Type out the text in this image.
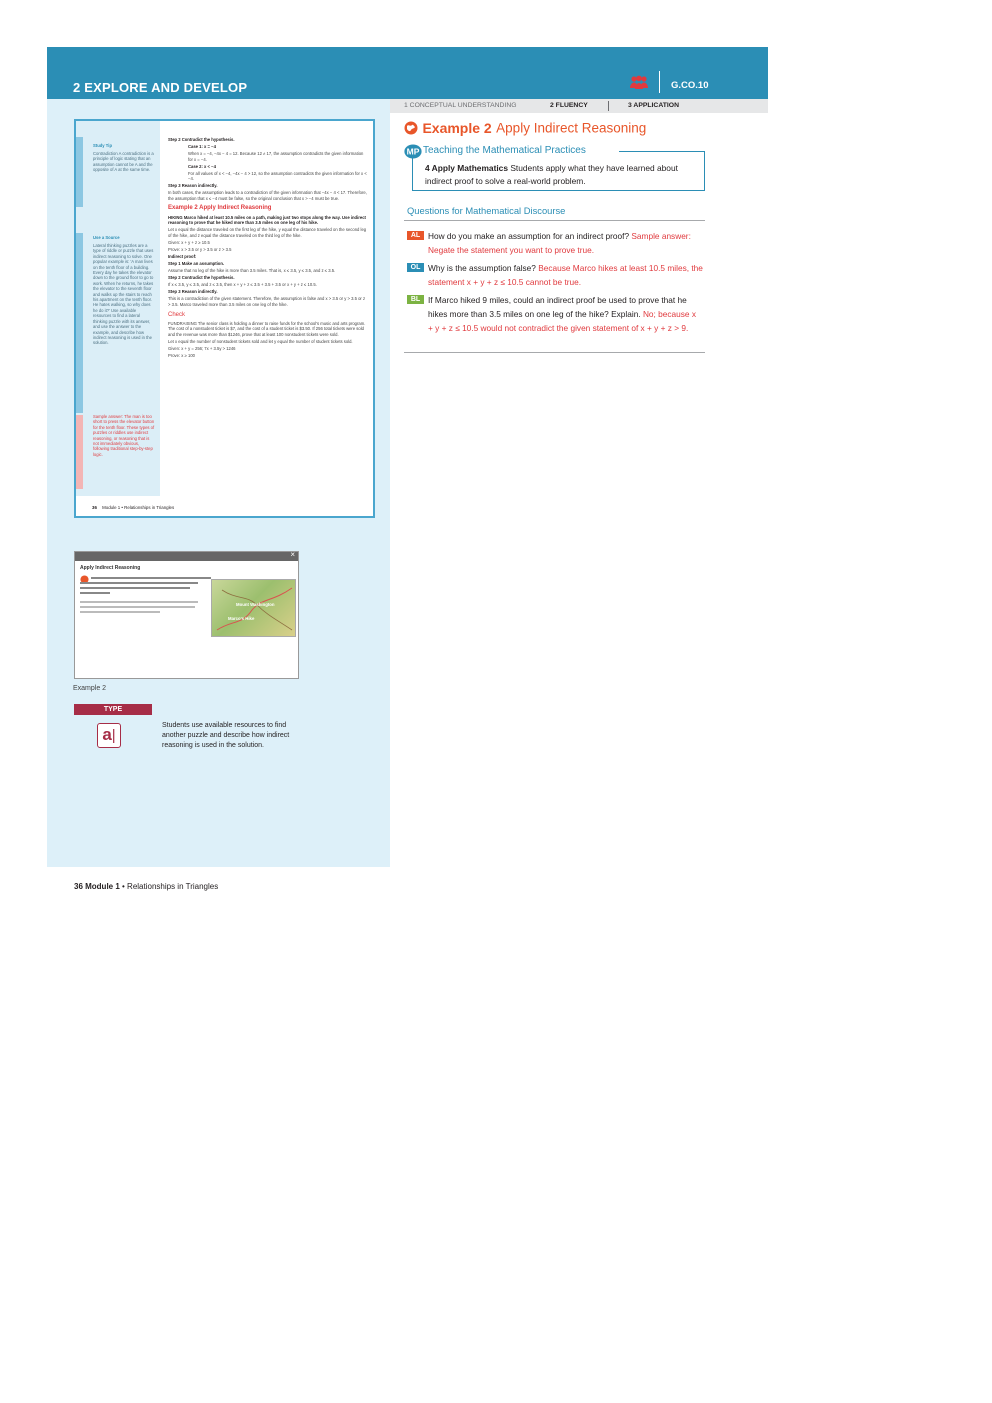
2 EXPLORE AND DEVELOP	G.CO.10

Study Tip

Contradiction A contradiction is a principle of logic stating that an assumption cannot be A and the opposite of A at the same time.

Use a Source

Lateral thinking puzzles are a type of riddle or puzzle that uses indirect reasoning to solve. One popular example is: 'A man lives on the tenth floor of a building. Every day he takes the elevator down to the ground floor to go to work. When he returns, he takes the elevator to the seventh floor and walks up the stairs to reach his apartment on the tenth floor. He hates walking, so why does he do it?' Use available resources to find a lateral thinking puzzle with its answer, and use the answer to the example, and describe how indirect reasoning is used in the solution.

Sample answer: The man is too short to press the elevator button for the tenth floor. These types of puzzles or riddles use indirect reasoning, or reasoning that is not immediately obvious, following traditional step-by-step logic.

Step 2 Contradict the hypothesis.

Case 1: x = −4

When x = −4, −4x − 4 = 12. Because 12 ≠ 17, the assumption contradicts the given information for x = −4.

Case 2: x < −4

For all values of x < −4, −4x − 4 > 12, so the assumption contradicts the given information for x < −4.

Step 3 Reason indirectly.

In both cases, the assumption leads to a contradiction of the given information that −4x − 4 < 17. Therefore, the assumption that x ≤ −4 must be false, so the original conclusion that x > −4 must be true.

Example 2 Apply Indirect Reasoning

HIKING Marco hiked at least 10.5 miles on a path, making just two stops along the way. Use indirect reasoning to prove that he hiked more than 3.5 miles on one leg of his hike.

Let x equal the distance traveled on the first leg of the hike, y equal the distance traveled on the second leg of the hike, and z equal the distance traveled on the third leg of the hike.

Given: x + y + z ≥ 10.5

Prove: x > 3.5 or y > 3.5 or z > 3.5

Indirect proof:

Step 1 Make an assumption.

Assume that no leg of the hike is more than 3.5 miles. That is, x ≤ 3.5, y ≤ 3.5, and z ≤ 3.5.

Step 2 Contradict the hypothesis.

If x ≤ 3.5, y ≤ 3.5, and z ≤ 3.5, then x + y + z ≤ 3.5 + 3.5 + 3.5 or x + y + z ≤ 10.5.

Step 3 Reason indirectly.

This is a contradiction of the given statement. Therefore, the assumption is false and x > 3.5 or y > 3.5 or z > 3.5. Marco traveled more than 3.5 miles on one leg of the hike.

Check

FUNDRAISING The senior class is holding a dinner to raise funds for the school's music and arts program. The cost of a nonstudent ticket is $7, and the cost of a student ticket is $3.50. If 256 total tickets were sold and the revenue was more than $1246, prove that at least 100 nonstudent tickets were sold.

Let x equal the number of nonstudent tickets sold and let y equal the number of student tickets sold.

Given: x + y = 256; 7x + 3.5y > 1246

Prove: x ≥ 100

36 Module 1 • Relationships in Triangles
×
Apply Indirect Reasoning
Mount Washington
Marco's Hike
Example 2
TYPE
a|
Students use available resources to find another puzzle and describe how indirect reasoning is used in the solution.
36 Module 1 • Relationships in Triangles
1 CONCEPTUAL UNDERSTANDING	2 FLUENCY	3 APPLICATION
Example 2 Apply Indirect Reasoning
MP Teaching the Mathematical Practices
4 Apply Mathematics Students apply what they have learned about indirect proof to solve a real-world problem.
Questions for Mathematical Discourse
AL How do you make an assumption for an indirect proof? Sample answer: Negate the statement you want to prove true.
OL Why is the assumption false? Because Marco hikes at least 10.5 miles, the statement x + y + z ≤ 10.5 cannot be true.
BL If Marco hiked 9 miles, could an indirect proof be used to prove that he hikes more than 3.5 miles on one leg of the hike? Explain. No; because x + y + z ≤ 10.5 would not contradict the given statement of x + y + z > 9.
